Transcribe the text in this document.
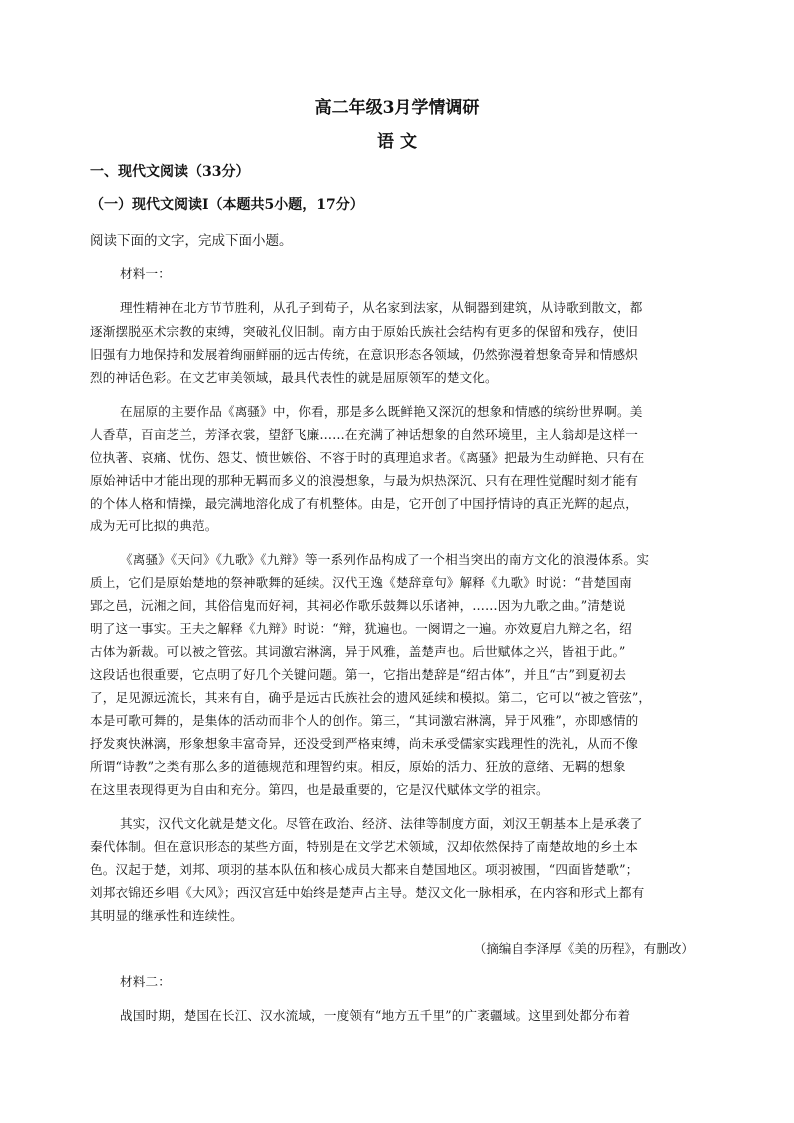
高二年级3月学情调研
语 文
一、现代文阅读（33分）
（一）现代文阅读Ⅰ（本题共5小题，17分）
阅读下面的文字，完成下面小题。
材料一：
理性精神在北方节节胜利，从孔子到荀子，从名家到法家，从铜器到建筑，从诗歌到散文，都
逐渐摆脱巫术宗教的束缚，突破礼仪旧制。南方由于原始氏族社会结构有更多的保留和残存，使旧
旧强有力地保持和发展着绚丽鲜丽的远古传统，在意识形态各领域，仍然弥漫着想象奇异和情感炽
烈的神话色彩。在文艺审美领域，最具代表性的就是屈原领军的楚文化。
在屈原的主要作品《离骚》中，你看，那是多么既鲜艳又深沉的想象和情感的缤纷世界啊。美
人香草，百亩芝兰，芳泽衣裳，望舒飞廉……在充满了神话想象的自然环境里，主人翁却是这样一
位执著、哀痛、忧伤、怨艾、愤世嫉俗、不容于时的真理追求者。《离骚》把最为生动鲜艳、只有在
原始神话中才能出现的那种无羁而多义的浪漫想象，与最为炽热深沉、只有在理性觉醒时刻才能有
的个体人格和情操，最完满地溶化成了有机整体。由是，它开创了中国抒情诗的真正光辉的起点，
成为无可比拟的典范。
《离骚》《天问》《九歌》《九辩》等一系列作品构成了一个相当突出的南方文化的浪漫体系。实
质上，它们是原始楚地的祭神歌舞的延续。汉代王逸《楚辞章句》解释《九歌》时说：“昔楚国南
郢之邑，沅湘之间，其俗信鬼而好祠，其祠必作歌乐鼓舞以乐诸神，……因为九歌之曲。”清楚说
明了这一事实。王夫之解释《九辩》时说：“辩，犹遍也。一阕谓之一遍。亦效夏启九辩之名，绍
古体为新裁。可以被之管弦。其词激宕淋漓，异于风雅，盖楚声也。后世赋体之兴，皆祖于此。”
这段话也很重要，它点明了好几个关键问题。第一，它指出楚辞是“绍古体”，并且“古”到夏初去
了，足见源远流长，其来有自，确乎是远古氏族社会的遗风延续和模拟。第二，它可以“被之管弦”，
本是可歌可舞的，是集体的活动而非个人的创作。第三，“其词激宕淋漓，异于风雅”，亦即感情的
抒发爽快淋漓，形象想象丰富奇异，还没受到严格束缚，尚未承受儒家实践理性的洗礼，从而不像
所谓“诗教”之类有那么多的道德规范和理智约束。相反，原始的活力、狂放的意绪、无羁的想象
在这里表现得更为自由和充分。第四，也是最重要的，它是汉代赋体文学的祖宗。
其实，汉代文化就是楚文化。尽管在政治、经济、法律等制度方面，刘汉王朝基本上是承袭了
秦代体制。但在意识形态的某些方面，特别是在文学艺术领域，汉却依然保持了南楚故地的乡土本
色。汉起于楚，刘邦、项羽的基本队伍和核心成员大都来自楚国地区。项羽被围，“四面皆楚歌”；
刘邦衣锦还乡唱《大风》；西汉宫廷中始终是楚声占主导。楚汉文化一脉相承，在内容和形式上都有
其明显的继承性和连续性。
（摘编自李泽厚《美的历程》，有删改）
材料二：
战国时期，楚国在长江、汉水流域，一度领有“地方五千里”的广袤疆域。这里到处都分布着
